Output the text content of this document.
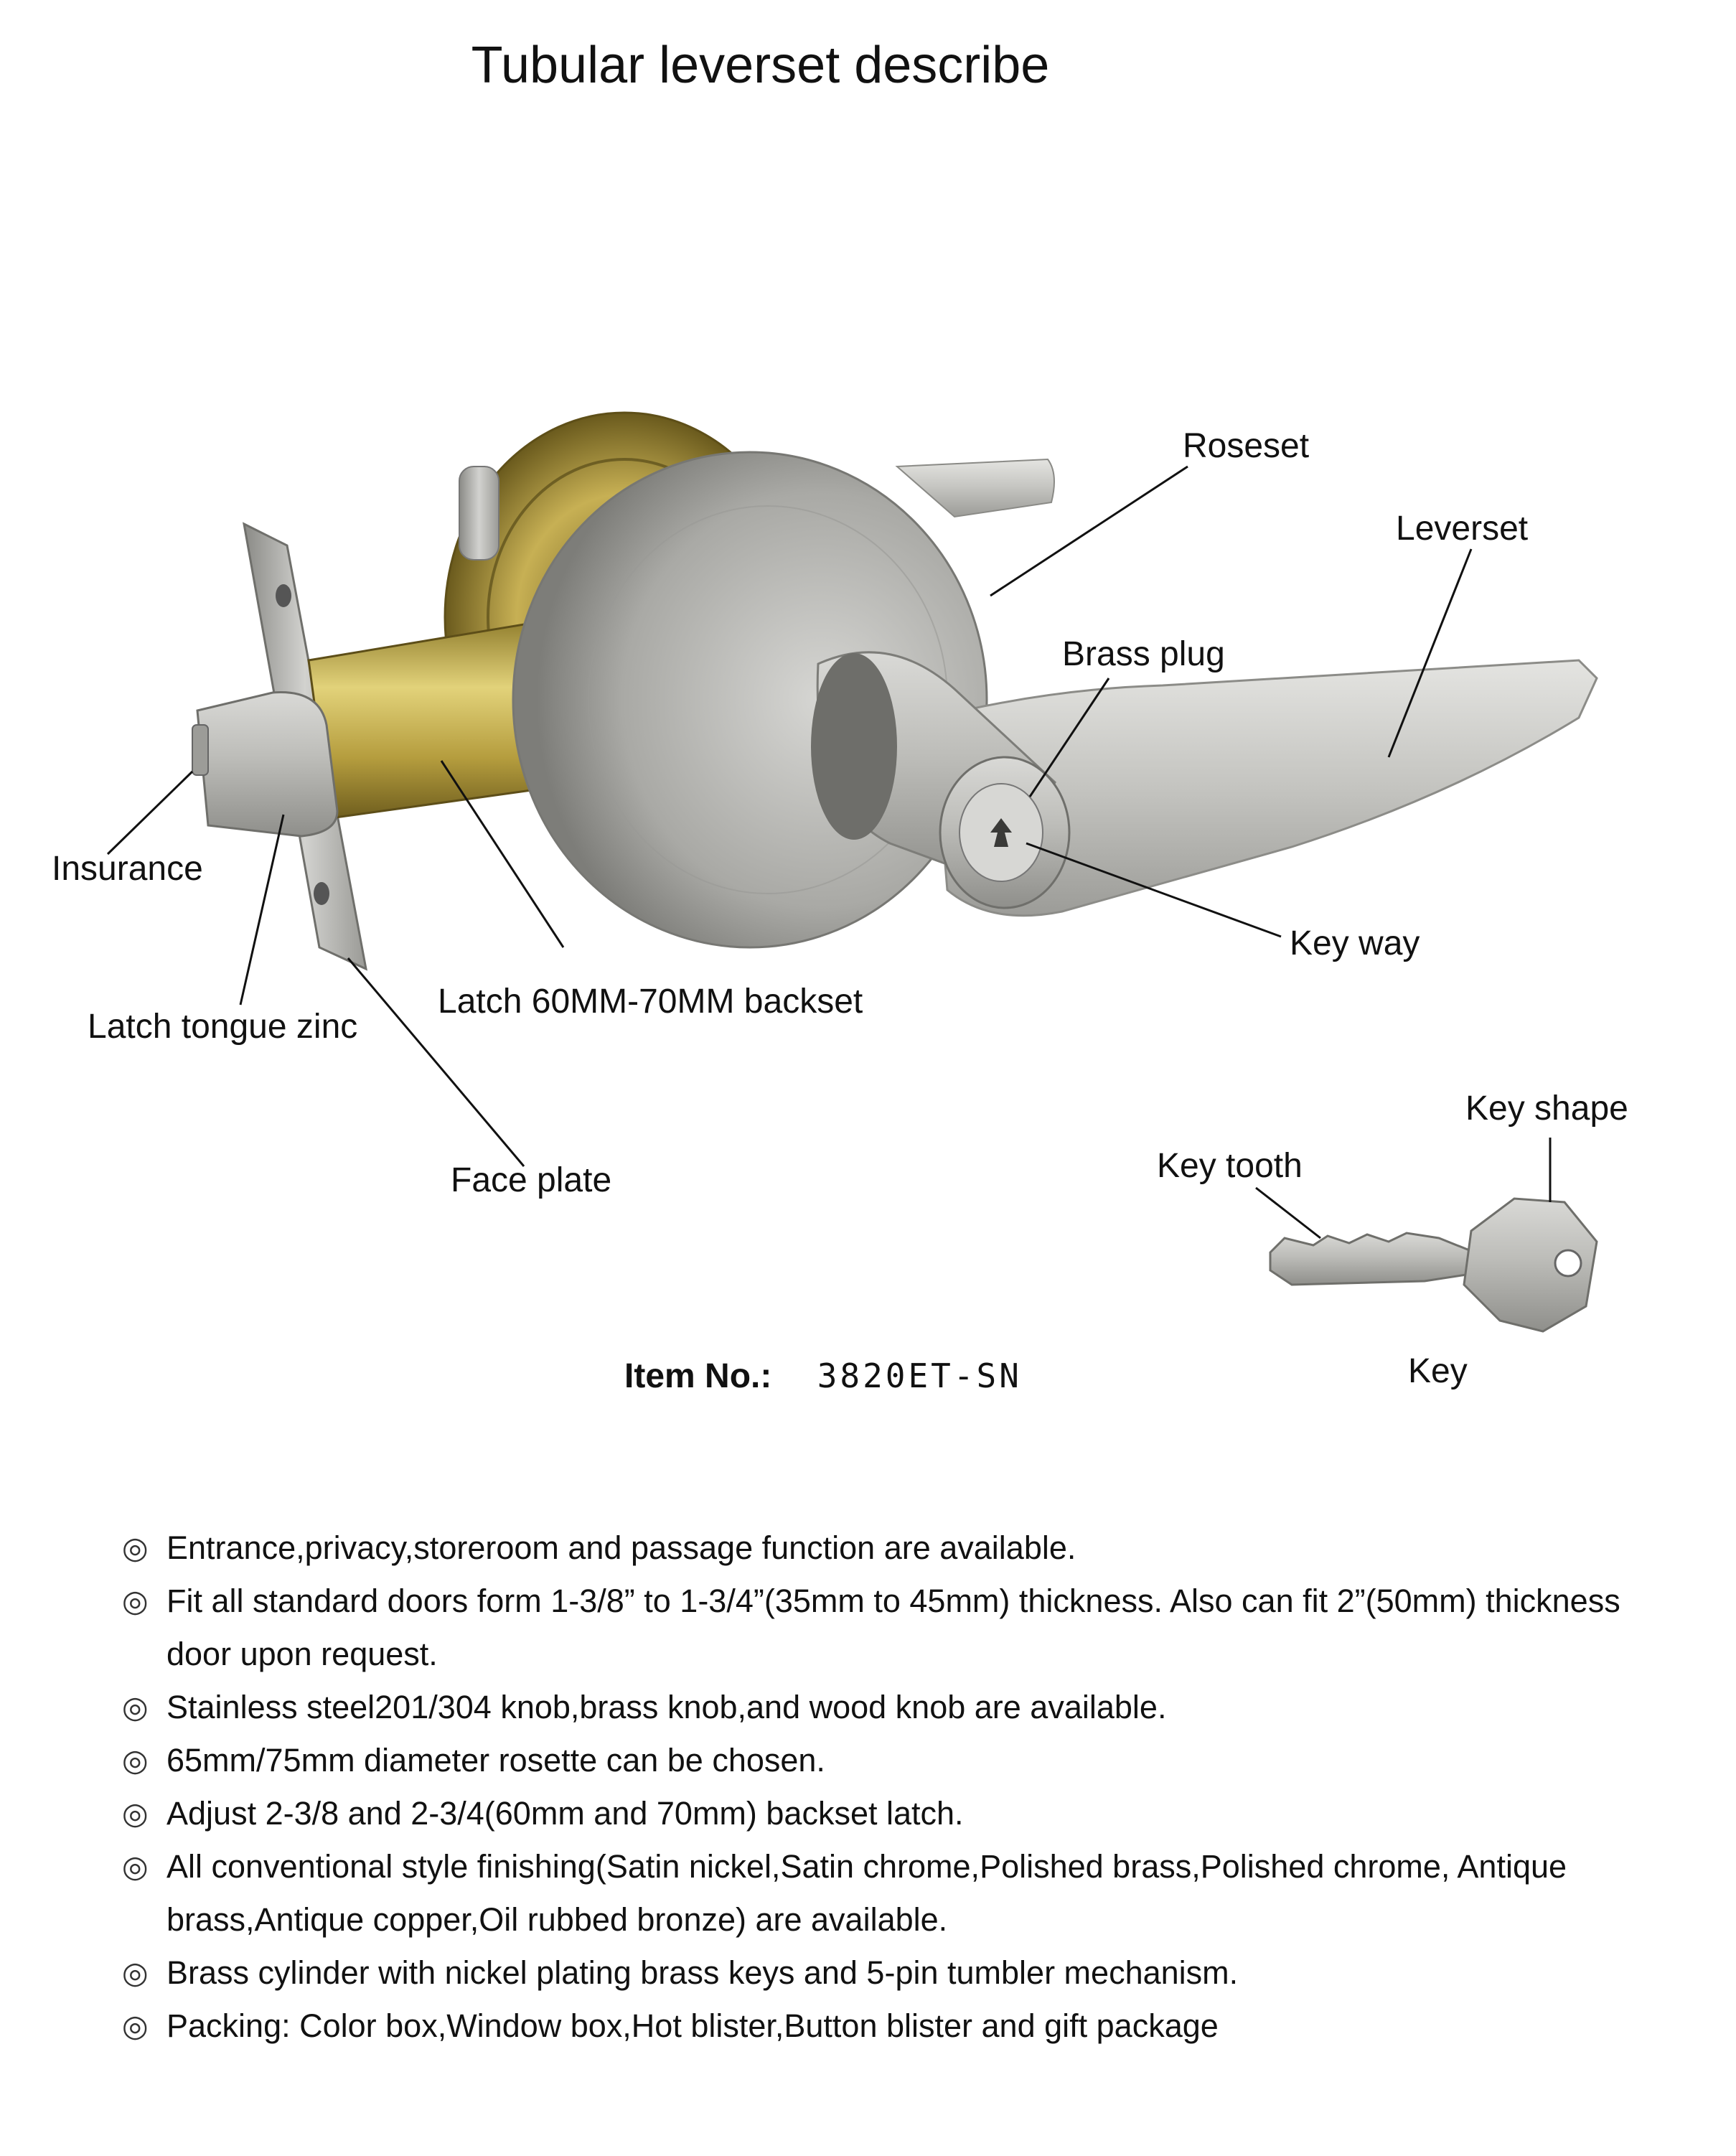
Tubular leverset describe
Roseset
Leverset
Brass plug
Insurance
Key way
Latch 60MM-70MM backset
Latch tongue zinc
Face plate
Key shape
Key tooth
Key
Item No.: 3820ET-SN
◎ Entrance,privacy,storeroom and passage function are available.
◎ Fit all standard doors form 1-3/8” to 1-3/4”(35mm to 45mm) thickness. Also can fit 2”(50mm) thickness door upon request.
◎ Stainless steel201/304 knob,brass knob,and wood knob are available.
◎ 65mm/75mm diameter rosette can be chosen.
◎ Adjust 2-3/8 and 2-3/4(60mm and 70mm) backset latch.
◎ All conventional style finishing(Satin nickel,Satin chrome,Polished brass,Polished chrome, Antique brass,Antique copper,Oil rubbed bronze) are available.
◎ Brass cylinder with nickel plating brass keys and 5-pin tumbler mechanism.
◎ Packing: Color box,Window box,Hot blister,Button blister and gift package
